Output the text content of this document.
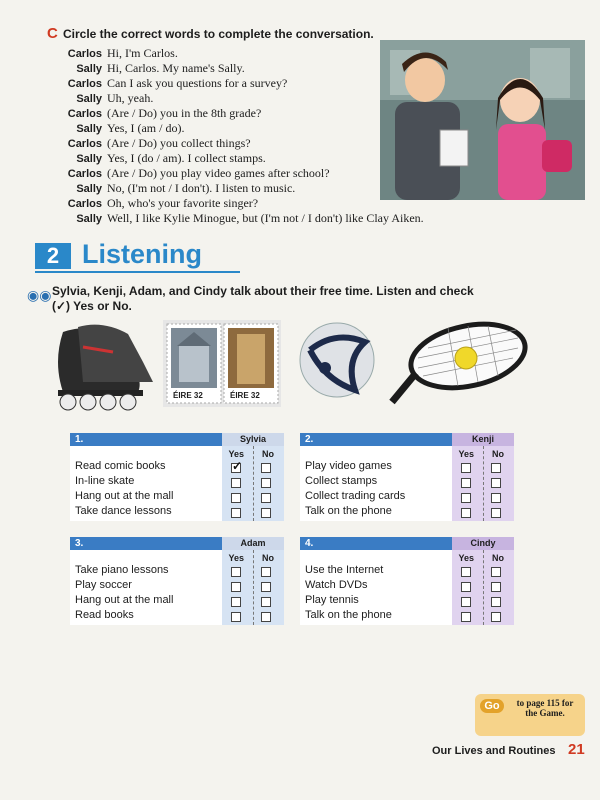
C Circle the correct words to complete the conversation.
Carlos Hi, I'm Carlos.
Sally Hi, Carlos. My name's Sally.
Carlos Can I ask you questions for a survey?
Sally Uh, yeah.
Carlos (Are / Do) you in the 8th grade?
Sally Yes, I (am / do).
Carlos (Are / Do) you collect things?
Sally Yes, I (do / am). I collect stamps.
Carlos (Are / Do) you play video games after school?
Sally No, (I'm not / I don't). I listen to music.
Carlos Oh, who's your favorite singer?
Sally Well, I like Kylie Minogue, but (I'm not / I don't) like Clay Aiken.
2 Listening
◉◉ Sylvia, Kenji, Adam, and Cindy talk about their free time. Listen and check (✓) Yes or No.
ÉIRE 32	ÉIRE 32
1.	Sylvia
Yes No
Read comic books	✓
In-line skate
Hang out at the mall
Take dance lessons
2.	Kenji
Yes No
Play video games
Collect stamps
Collect trading cards
Talk on the phone
3.	Adam
Yes No
Take piano lessons
Play soccer
Hang out at the mall
Read books
4.	Cindy
Yes No
Use the Internet
Watch DVDs
Play tennis
Talk on the phone
Go	to page 115 for the Game.
Our Lives and Routines 21
